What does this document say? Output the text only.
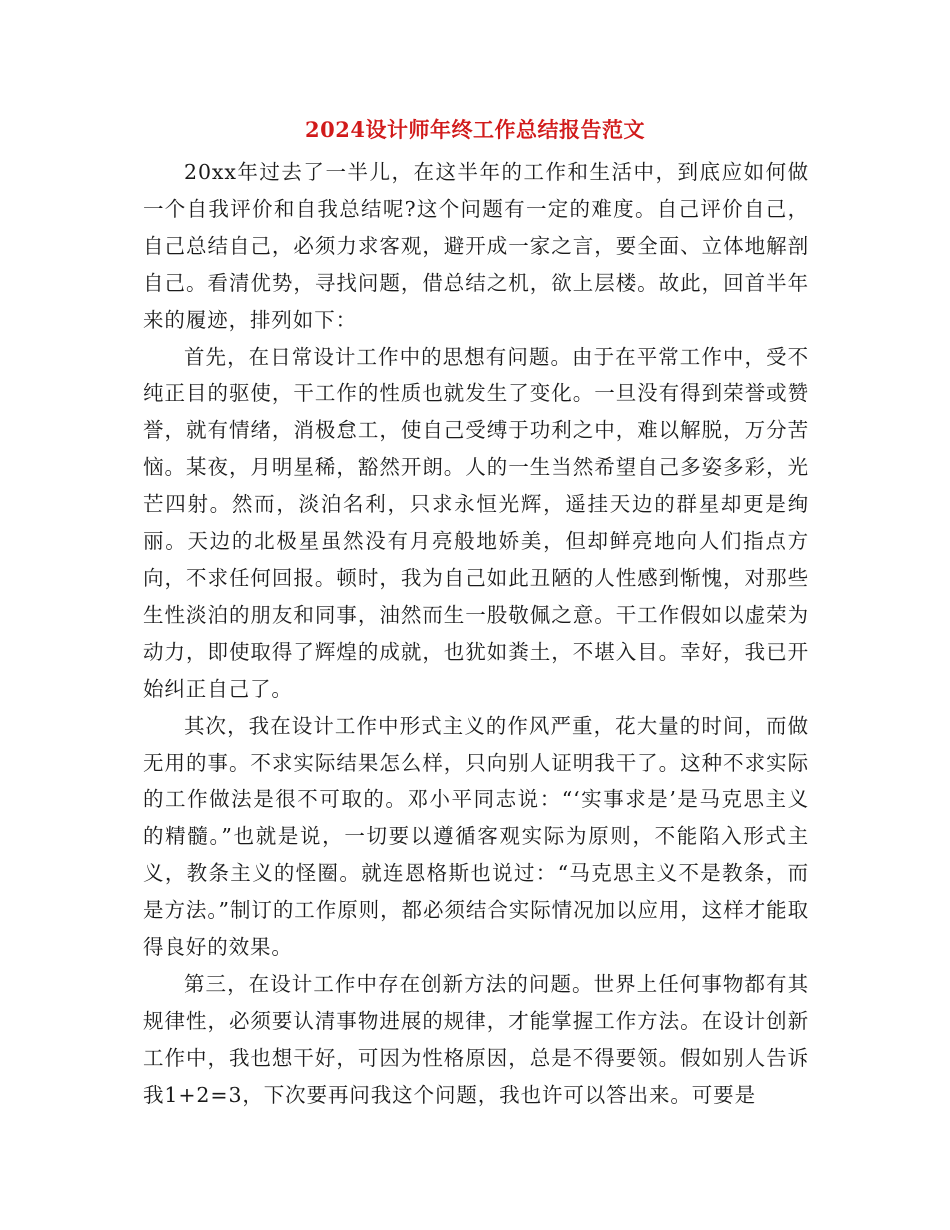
2024设计师年终工作总结报告范文

20xx年过去了一半儿，在这半年的工作和生活中，到底应如何做一个自我评价和自我总结呢?这个问题有一定的难度。自己评价自己，自己总结自己，必须力求客观，避开成一家之言，要全面、立体地解剖自己。看清优势，寻找问题，借总结之机，欲上层楼。故此，回首半年来的履迹，排列如下：

首先，在日常设计工作中的思想有问题。由于在平常工作中，受不纯正目的驱使，干工作的性质也就发生了变化。一旦没有得到荣誉或赞誉，就有情绪，消极怠工，使自己受缚于功利之中，难以解脱，万分苦恼。某夜，月明星稀，豁然开朗。人的一生当然希望自己多姿多彩，光芒四射。然而，淡泊名利，只求永恒光辉，遥挂天边的群星却更是绚丽。天边的北极星虽然没有月亮般地娇美，但却鲜亮地向人们指点方向，不求任何回报。顿时，我为自己如此丑陋的人性感到惭愧，对那些生性淡泊的朋友和同事，油然而生一股敬佩之意。干工作假如以虚荣为动力，即使取得了辉煌的成就，也犹如粪土，不堪入目。幸好，我已开始纠正自己了。

其次，我在设计工作中形式主义的作风严重，花大量的时间，而做无用的事。不求实际结果怎么样，只向别人证明我干了。这种不求实际的工作做法是很不可取的。邓小平同志说：“‘实事求是’是马克思主义的精髓。”也就是说，一切要以遵循客观实际为原则，不能陷入形式主义，教条主义的怪圈。就连恩格斯也说过：“马克思主义不是教条，而是方法。”制订的工作原则，都必须结合实际情况加以应用，这样才能取得良好的效果。

第三，在设计工作中存在创新方法的问题。世界上任何事物都有其规律性，必须要认清事物进展的规律，才能掌握工作方法。在设计创新工作中，我也想干好，可因为性格原因，总是不得要领。假如别人告诉我1+2=3，下次要再问我这个问题，我也许可以答出来。可要是
